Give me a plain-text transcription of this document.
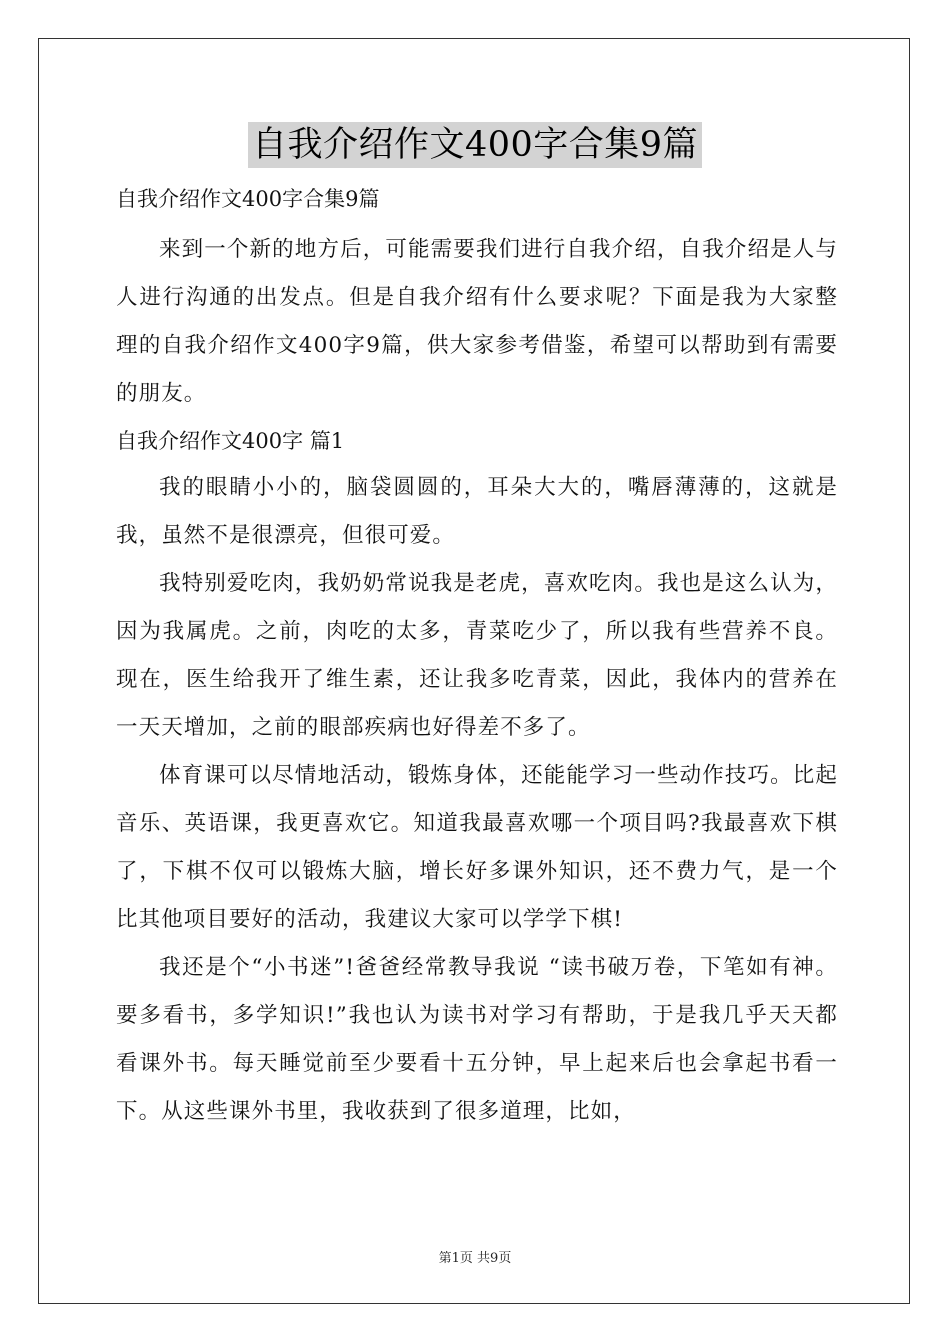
自我介绍作文400字合集9篇

自我介绍作文400字合集9篇

来到一个新的地方后，可能需要我们进行自我介绍，自我介绍是人与人进行沟通的出发点。但是自我介绍有什么要求呢？下面是我为大家整理的自我介绍作文400字9篇，供大家参考借鉴，希望可以帮助到有需要的朋友。

自我介绍作文400字 篇1

我的眼睛小小的，脑袋圆圆的，耳朵大大的，嘴唇薄薄的，这就是我，虽然不是很漂亮，但很可爱。

我特别爱吃肉，我奶奶常说我是老虎，喜欢吃肉。我也是这么认为，因为我属虎。之前，肉吃的太多，青菜吃少了，所以我有些营养不良。现在，医生给我开了维生素，还让我多吃青菜，因此，我体内的营养在一天天增加，之前的眼部疾病也好得差不多了。

体育课可以尽情地活动，锻炼身体，还能能学习一些动作技巧。比起音乐、英语课，我更喜欢它。知道我最喜欢哪一个项目吗?我最喜欢下棋了，下棋不仅可以锻炼大脑，增长好多课外知识，还不费力气，是一个比其他项目要好的活动，我建议大家可以学学下棋!

我还是个“小书迷”!爸爸经常教导我说 “读书破万卷，下笔如有神。要多看书，多学知识!”我也认为读书对学习有帮助，于是我几乎天天都看课外书。每天睡觉前至少要看十五分钟，早上起来后也会拿起书看一下。从这些课外书里，我收获到了很多道理，比如，

第1页 共9页
